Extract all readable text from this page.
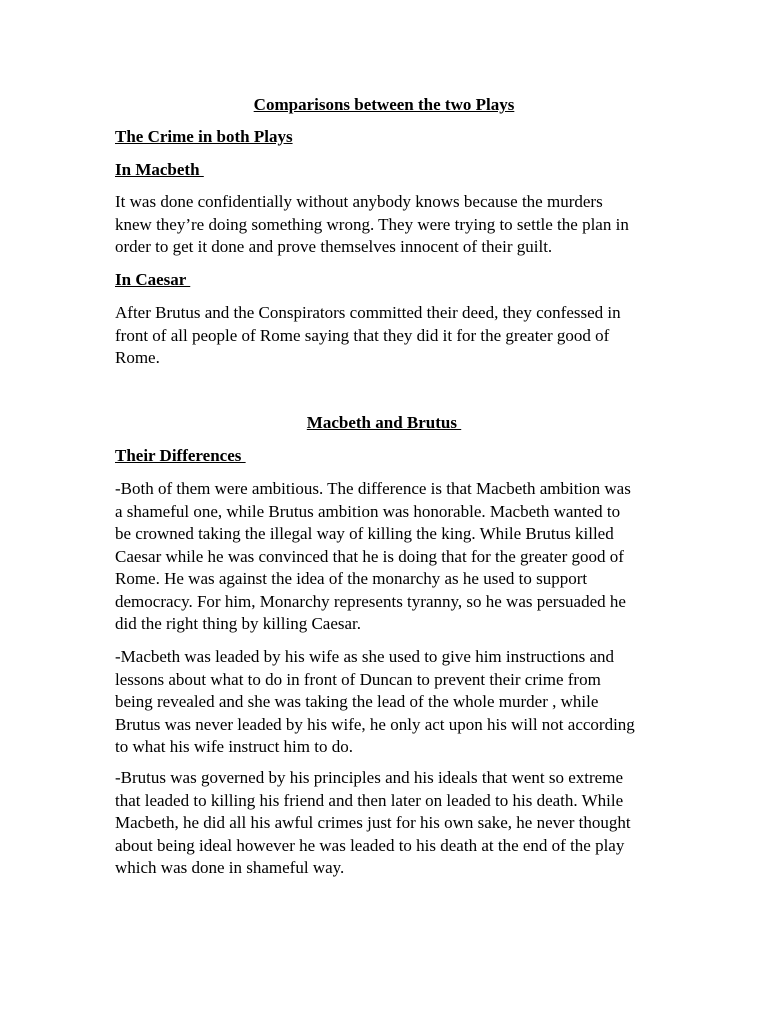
Comparisons between the two Plays
The Crime in both Plays
In Macbeth

It was done confidentially without anybody knows because the murders
knew they’re doing something wrong. They were trying to settle the plan in
order to get it done and prove themselves innocent of their guilt.

In Caesar

After Brutus and the Conspirators committed their deed, they confessed in
front of all people of Rome saying that they did it for the greater good of
Rome.

Macbeth and Brutus
Their Differences

-Both of them were ambitious. The difference is that Macbeth ambition was
a shameful one, while Brutus ambition was honorable. Macbeth wanted to
be crowned taking the illegal way of killing the king. While Brutus killed
Caesar while he was convinced that he is doing that for the greater good of
Rome. He was against the idea of the monarchy as he used to support
democracy. For him, Monarchy represents tyranny, so he was persuaded he
did the right thing by killing Caesar.

-Macbeth was leaded by his wife as she used to give him instructions and
lessons about what to do in front of Duncan to prevent their crime from
being revealed and she was taking the lead of the whole murder , while
Brutus was never leaded by his wife, he only act upon his will not according
to what his wife instruct him to do.

-Brutus was governed by his principles and his ideals that went so extreme
that leaded to killing his friend and then later on leaded to his death. While
Macbeth, he did all his awful crimes just for his own sake, he never thought
about being ideal however he was leaded to his death at the end of the play
which was done in shameful way.
